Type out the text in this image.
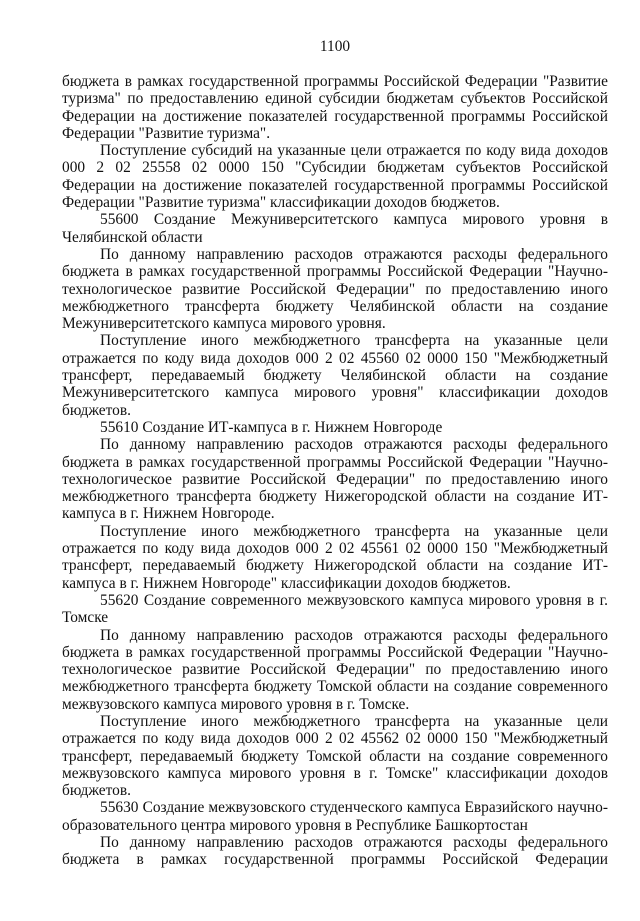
1100

бюджета в рамках государственной программы Российской Федерации "Развитие туризма" по предоставлению единой субсидии бюджетам субъектов Российской Федерации на достижение показателей государственной программы Российской Федерации "Развитие туризма".

Поступление субсидий на указанные цели отражается по коду вида доходов 000 2 02 25558 02 0000 150 "Субсидии бюджетам субъектов Российской Федерации на достижение показателей государственной программы Российской Федерации "Развитие туризма" классификации доходов бюджетов.

55600 Создание Межуниверситетского кампуса мирового уровня в Челябинской области

По данному направлению расходов отражаются расходы федерального бюджета в рамках государственной программы Российской Федерации "Научно-технологическое развитие Российской Федерации" по предоставлению иного межбюджетного трансферта бюджету Челябинской области на создание Межуниверситетского кампуса мирового уровня.

Поступление иного межбюджетного трансферта на указанные цели отражается по коду вида доходов 000 2 02 45560 02 0000 150 "Межбюджетный трансферт, передаваемый бюджету Челябинской области на создание Межуниверситетского кампуса мирового уровня" классификации доходов бюджетов.

55610 Создание ИТ-кампуса в г. Нижнем Новгороде

По данному направлению расходов отражаются расходы федерального бюджета в рамках государственной программы Российской Федерации "Научно-технологическое развитие Российской Федерации" по предоставлению иного межбюджетного трансферта бюджету Нижегородской области на создание ИТ-кампуса в г. Нижнем Новгороде.

Поступление иного межбюджетного трансферта на указанные цели отражается по коду вида доходов 000 2 02 45561 02 0000 150 "Межбюджетный трансферт, передаваемый бюджету Нижегородской области на создание ИТ-кампуса в г. Нижнем Новгороде" классификации доходов бюджетов.

55620 Создание современного межвузовского кампуса мирового уровня в г. Томске

По данному направлению расходов отражаются расходы федерального бюджета в рамках государственной программы Российской Федерации "Научно-технологическое развитие Российской Федерации" по предоставлению иного межбюджетного трансферта бюджету Томской области на создание современного межвузовского кампуса мирового уровня в г. Томске.

Поступление иного межбюджетного трансферта на указанные цели отражается по коду вида доходов 000 2 02 45562 02 0000 150 "Межбюджетный трансферт, передаваемый бюджету Томской области на создание современного межвузовского кампуса мирового уровня в г. Томске" классификации доходов бюджетов.

55630 Создание межвузовского студенческого кампуса Евразийского научно-образовательного центра мирового уровня в Республике Башкортостан

По данному направлению расходов отражаются расходы федерального бюджета в рамках государственной программы Российской Федерации
